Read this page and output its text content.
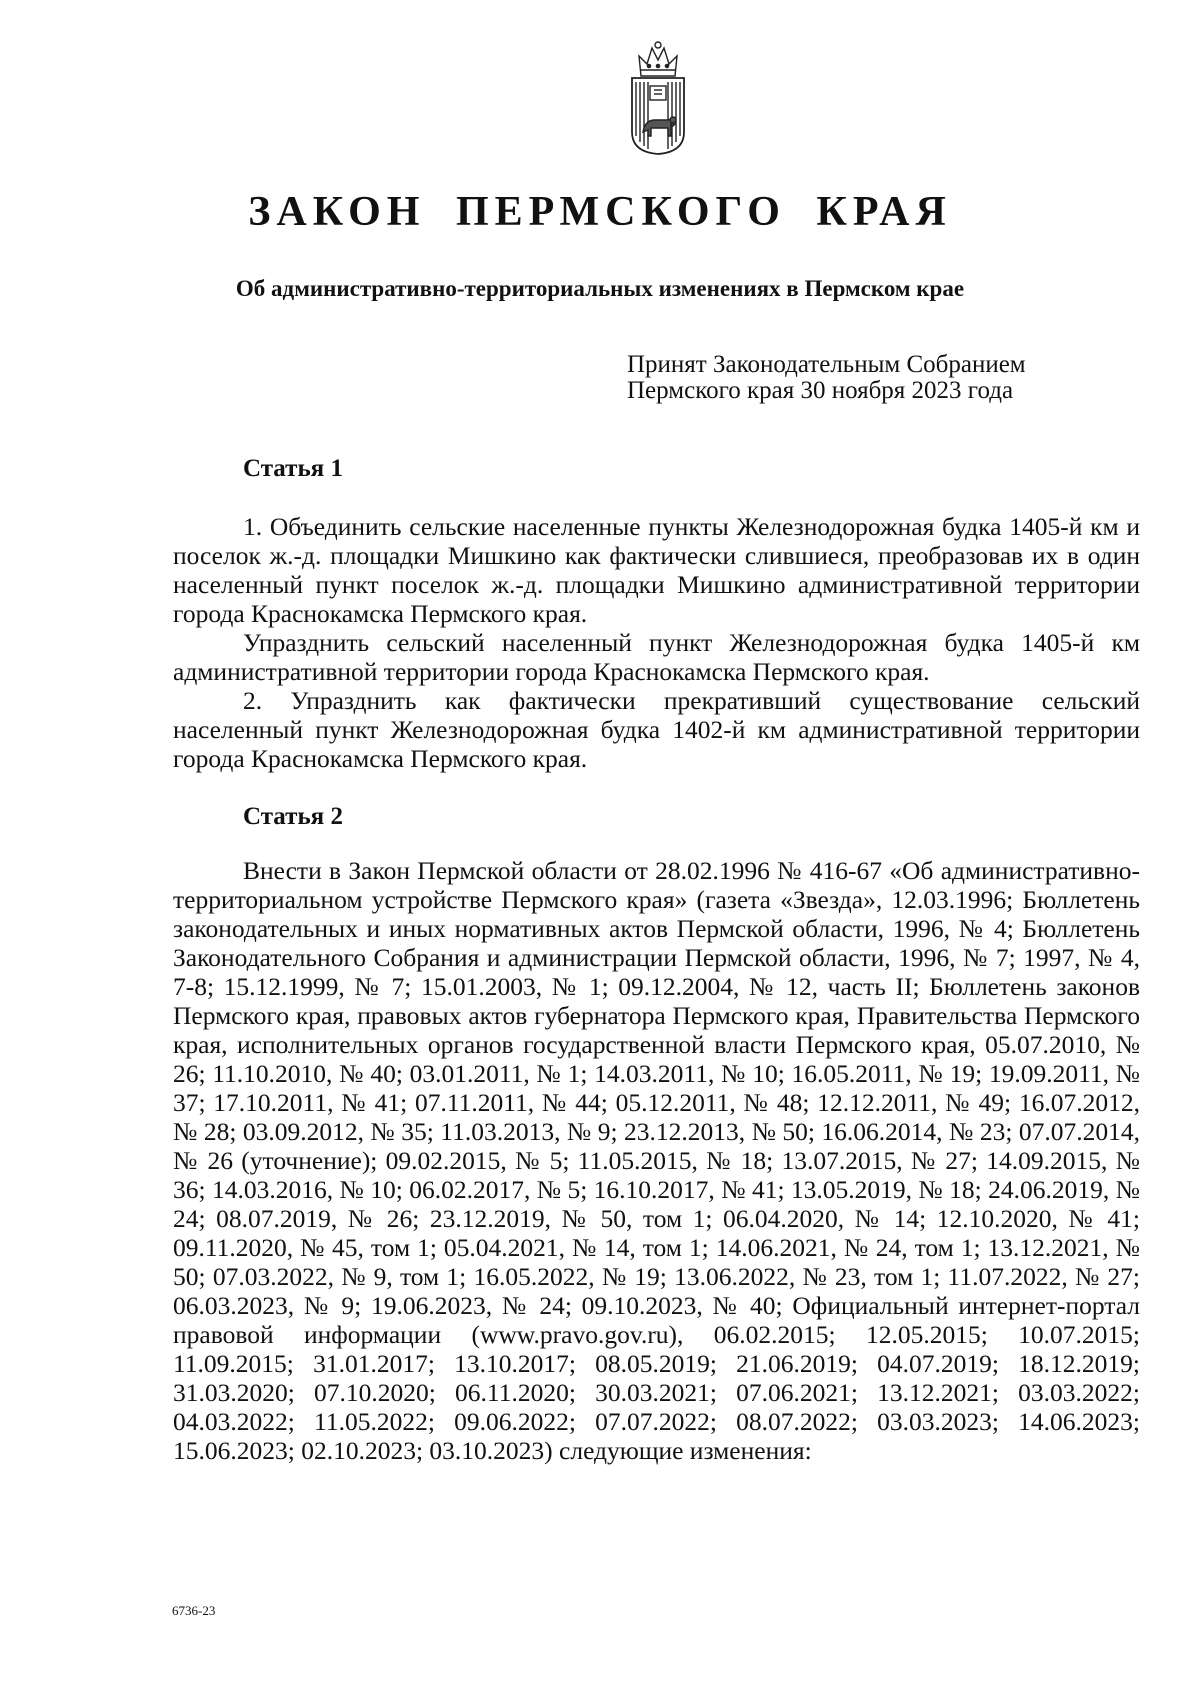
ЗАКОН ПЕРМСКОГО КРАЯ
Об административно-территориальных изменениях в Пермском крае
Принят Законодательным Собранием
Пермского края 30 ноября 2023 года
Статья 1

1. Объединить сельские населенные пункты Железнодорожная будка 1405-й км и поселок ж.-д. площадки Мишкино как фактически слившиеся, преобразовав их в один населенный пункт поселок ж.-д. площадки Мишкино административной территории города Краснокамска Пермского края.

Упразднить сельский населенный пункт Железнодорожная будка 1405-й км административной территории города Краснокамска Пермского края.

2. Упразднить как фактически прекративший существование сельский населенный пункт Железнодорожная будка 1402-й км административной территории города Краснокамска Пермского края.

Статья 2

Внести в Закон Пермской области от 28.02.1996 № 416-67 «Об административно-территориальном устройстве Пермского края» (газета «Звезда», 12.03.1996; Бюллетень законодательных и иных нормативных актов Пермской области, 1996, № 4; Бюллетень Законодательного Собрания и администрации Пермской области, 1996, № 7; 1997, № 4, 7-8; 15.12.1999, № 7; 15.01.2003, № 1; 09.12.2004, № 12, часть II; Бюллетень законов Пермского края, правовых актов губернатора Пермского края, Правительства Пермского края, исполнительных органов государственной власти Пермского края, 05.07.2010, № 26; 11.10.2010, № 40; 03.01.2011, № 1; 14.03.2011, № 10; 16.05.2011, № 19; 19.09.2011, № 37; 17.10.2011, № 41; 07.11.2011, № 44; 05.12.2011, № 48; 12.12.2011, № 49; 16.07.2012, № 28; 03.09.2012, № 35; 11.03.2013, № 9; 23.12.2013, № 50; 16.06.2014, № 23; 07.07.2014, № 26 (уточнение); 09.02.2015, № 5; 11.05.2015, № 18; 13.07.2015, № 27; 14.09.2015, № 36; 14.03.2016, № 10; 06.02.2017, № 5; 16.10.2017, № 41; 13.05.2019, № 18; 24.06.2019, № 24; 08.07.2019, № 26; 23.12.2019, № 50, том 1; 06.04.2020, № 14; 12.10.2020, № 41; 09.11.2020, № 45, том 1; 05.04.2021, № 14, том 1; 14.06.2021, № 24, том 1; 13.12.2021, № 50; 07.03.2022, № 9, том 1; 16.05.2022, № 19; 13.06.2022, № 23, том 1; 11.07.2022, № 27; 06.03.2023, № 9; 19.06.2023, № 24; 09.10.2023, № 40; Официальный интернет-портал правовой информации (www.pravo.gov.ru), 06.02.2015; 12.05.2015; 10.07.2015; 11.09.2015; 31.01.2017; 13.10.2017; 08.05.2019; 21.06.2019; 04.07.2019; 18.12.2019; 31.03.2020; 07.10.2020; 06.11.2020; 30.03.2021; 07.06.2021; 13.12.2021; 03.03.2022; 04.03.2022; 11.05.2022; 09.06.2022; 07.07.2022; 08.07.2022; 03.03.2023; 14.06.2023; 15.06.2023; 02.10.2023; 03.10.2023) следующие изменения:

6736-23
